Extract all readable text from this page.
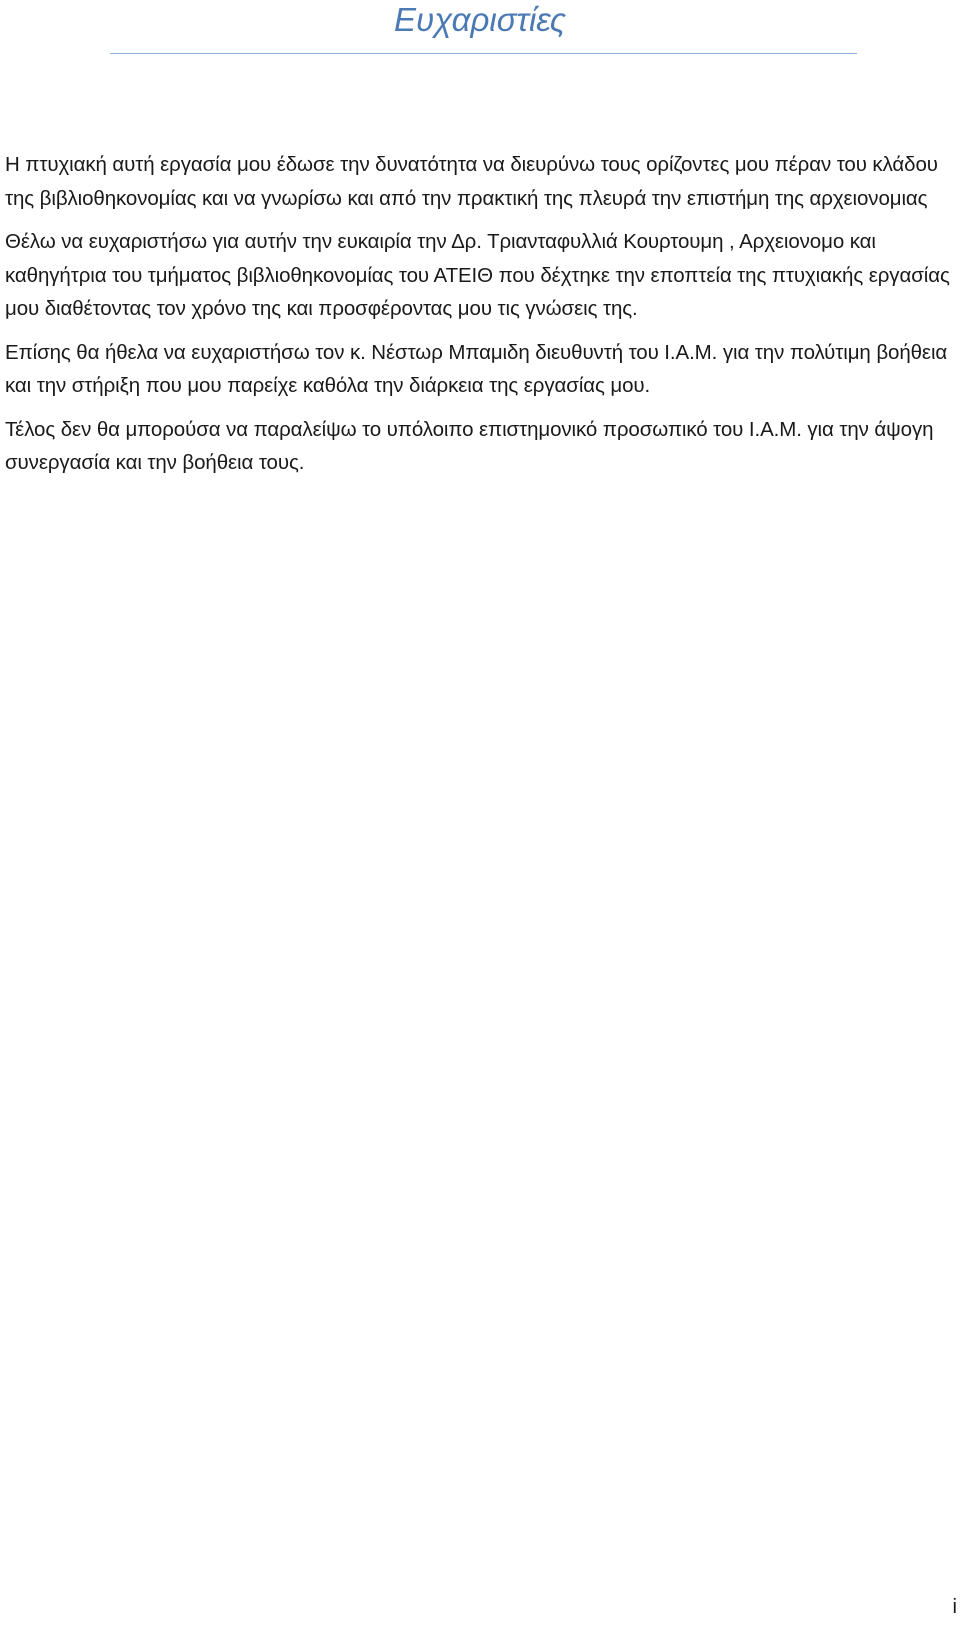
Ευχαριστίες

Η πτυχιακή αυτή εργασία μου έδωσε την δυνατότητα να διευρύνω τους ορίζοντες μου πέραν του κλάδου της βιβλιοθηκονομίας και να γνωρίσω και από την πρακτική της πλευρά την επιστήμη της αρχειονομιας

Θέλω να ευχαριστήσω για αυτήν την ευκαιρία την Δρ. Τριανταφυλλιά Κουρτουμη , Αρχειονομο και καθηγήτρια του τμήματος βιβλιοθηκονομίας του ΑΤΕΙΘ που δέχτηκε την εποπτεία της πτυχιακής εργασίας μου διαθέτοντας τον χρόνο της και προσφέροντας μου τις γνώσεις της.

Επίσης θα ήθελα να ευχαριστήσω τον κ. Νέστωρ Μπαμιδη διευθυντή του Ι.Α.Μ. για την πολύτιμη βοήθεια και την στήριξη που μου παρείχε καθόλα την διάρκεια της εργασίας μου.

Τέλος δεν θα μπορούσα να παραλείψω το υπόλοιπο επιστημονικό προσωπικό του Ι.Α.Μ. για την άψογη συνεργασία και την βοήθεια τους.

i
